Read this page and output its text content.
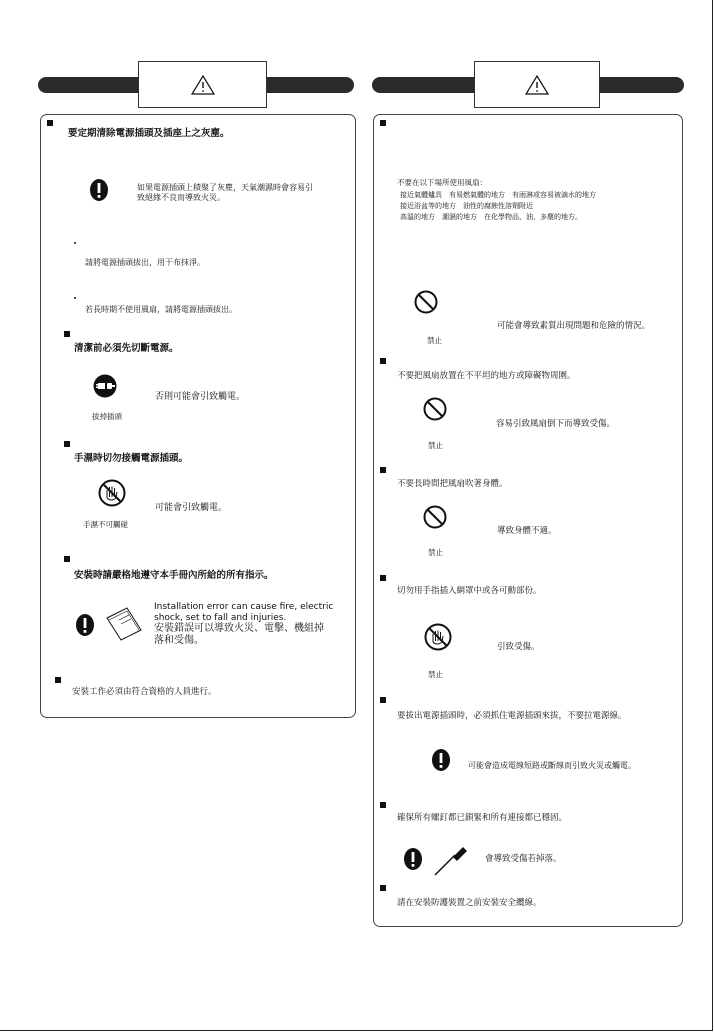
要定期清除電源插頭及插座上之灰塵。
如果電源插頭上積聚了灰塵，天氣潮濕時會容易引
致絕緣不良而導致火災。
請將電源插頭拔出，用干布抹淨。
若長時期不使用風扇，請將電源插頭拔出。
清潔前必須先切斷電源。
否則可能會引致觸電。
拔掉插頭
手濕時切勿接觸電源插頭。
可能會引致觸電。
手濕不可觸碰
安裝時請嚴格地遵守本手冊內所給的所有指示。
Installation error can cause fire, electric
shock, set to fall and injuries.
安裝錯誤可以導致火災、電擊、機組掉
落和受傷。
安裝工作必須由符合資格的人員進行。
不要在以下場所使用風扇：
接近氣體爐具　有易燃氣體的地方　有雨淋或容易被滴水的地方
接近浴盆等的地方　油性的腐蝕性溶劑附近
高溫的地方　潮濕的地方　在化學物品、油、多塵的地方。
禁止
可能會導致素質出現問題和危險的情況。
不要把風扇放置在不平坦的地方或障礙物周圍。
禁止
容易引致風扇倒下而導致受傷。
不要長時間把風扇吹著身體。
禁止
導致身體不適。
切勿用手指插入網罩中或各可動部份。
禁止
引致受傷。
要拔出電源插頭時，必須抓住電源插頭來拔，不要拉電源線。
可能會造成電線短路或斷線而引致火災或觸電。
確保所有螺釘都已鎖緊和所有連接都已穩固。
會導致受傷若掉落。
請在安裝防護裝置之前安裝安全纜線。
